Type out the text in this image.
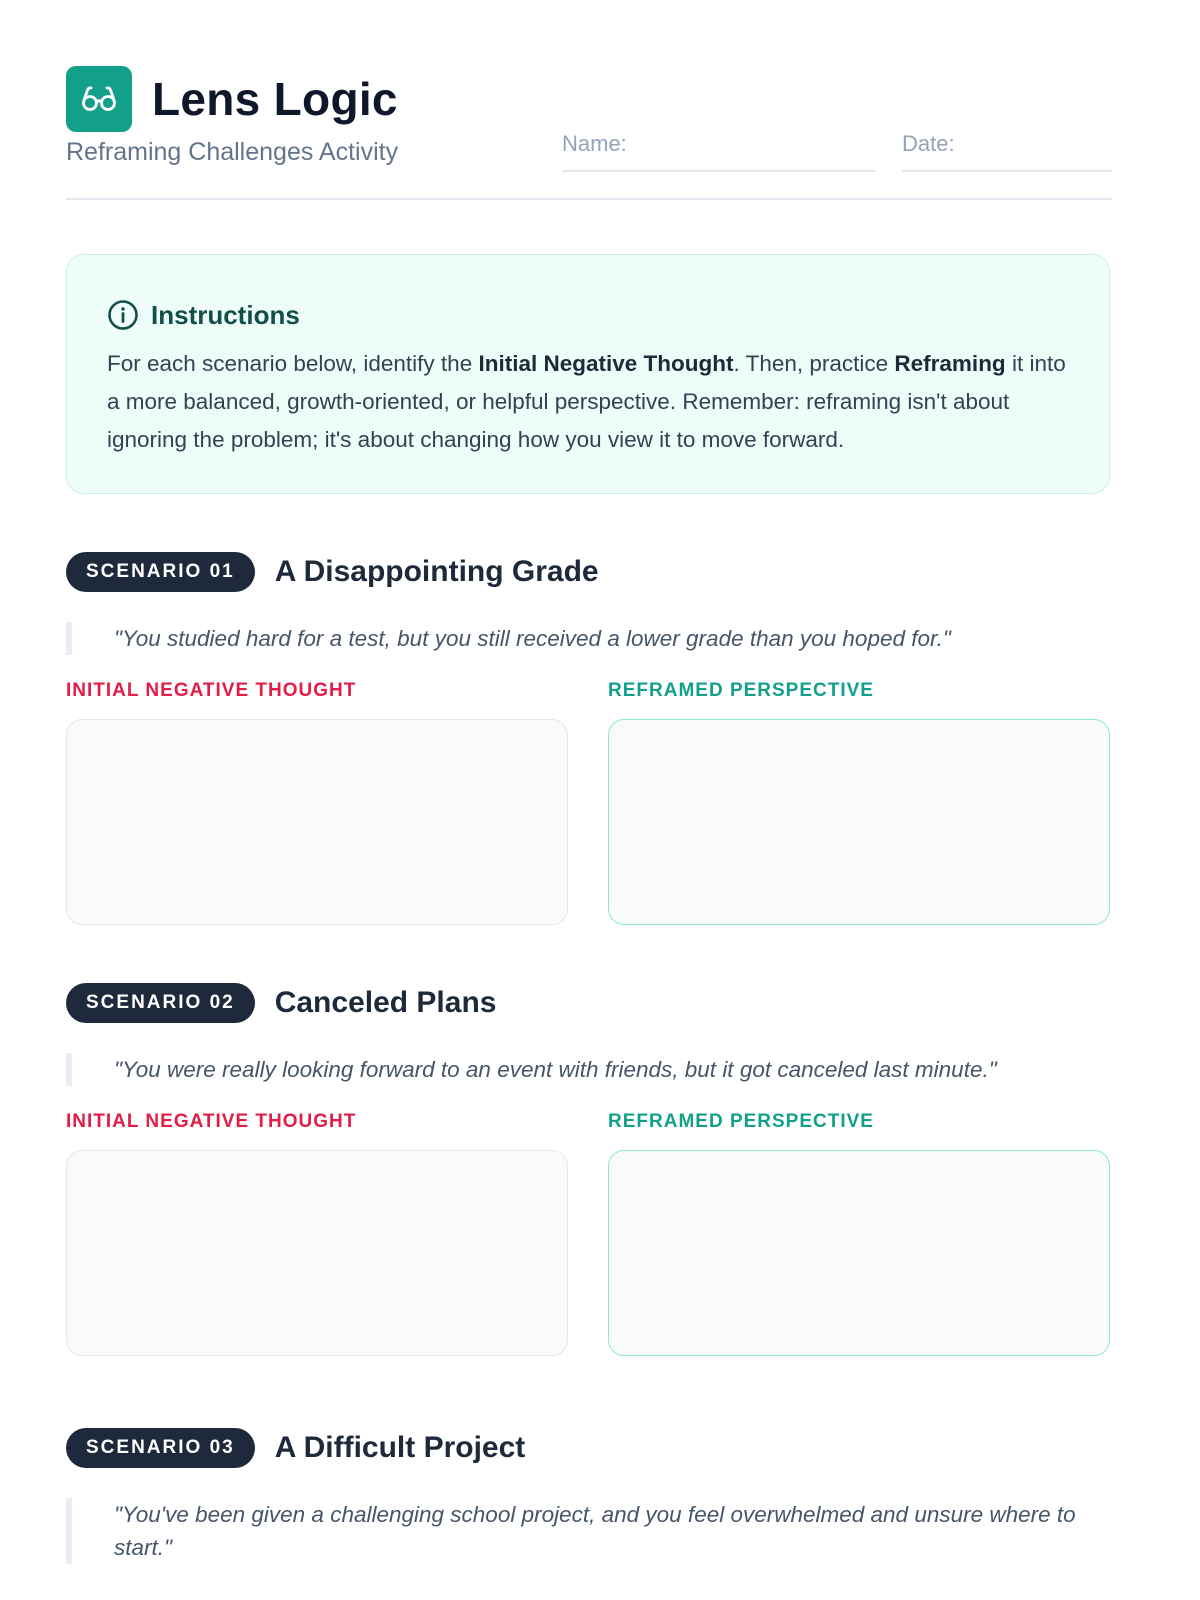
Lens Logic
Reframing Challenges Activity	Name:	Date:
Instructions
For each scenario below, identify the Initial Negative Thought. Then, practice Reframing it into a more balanced, growth-oriented, or helpful perspective. Remember: reframing isn't about ignoring the problem; it's about changing how you view it to move forward.
SCENARIO 01	A Disappointing Grade
"You studied hard for a test, but you still received a lower grade than you hoped for."
INITIAL NEGATIVE THOUGHT	REFRAMED PERSPECTIVE
SCENARIO 02	Canceled Plans
"You were really looking forward to an event with friends, but it got canceled last minute."
INITIAL NEGATIVE THOUGHT	REFRAMED PERSPECTIVE
SCENARIO 03	A Difficult Project
"You've been given a challenging school project, and you feel overwhelmed and unsure where to start."
